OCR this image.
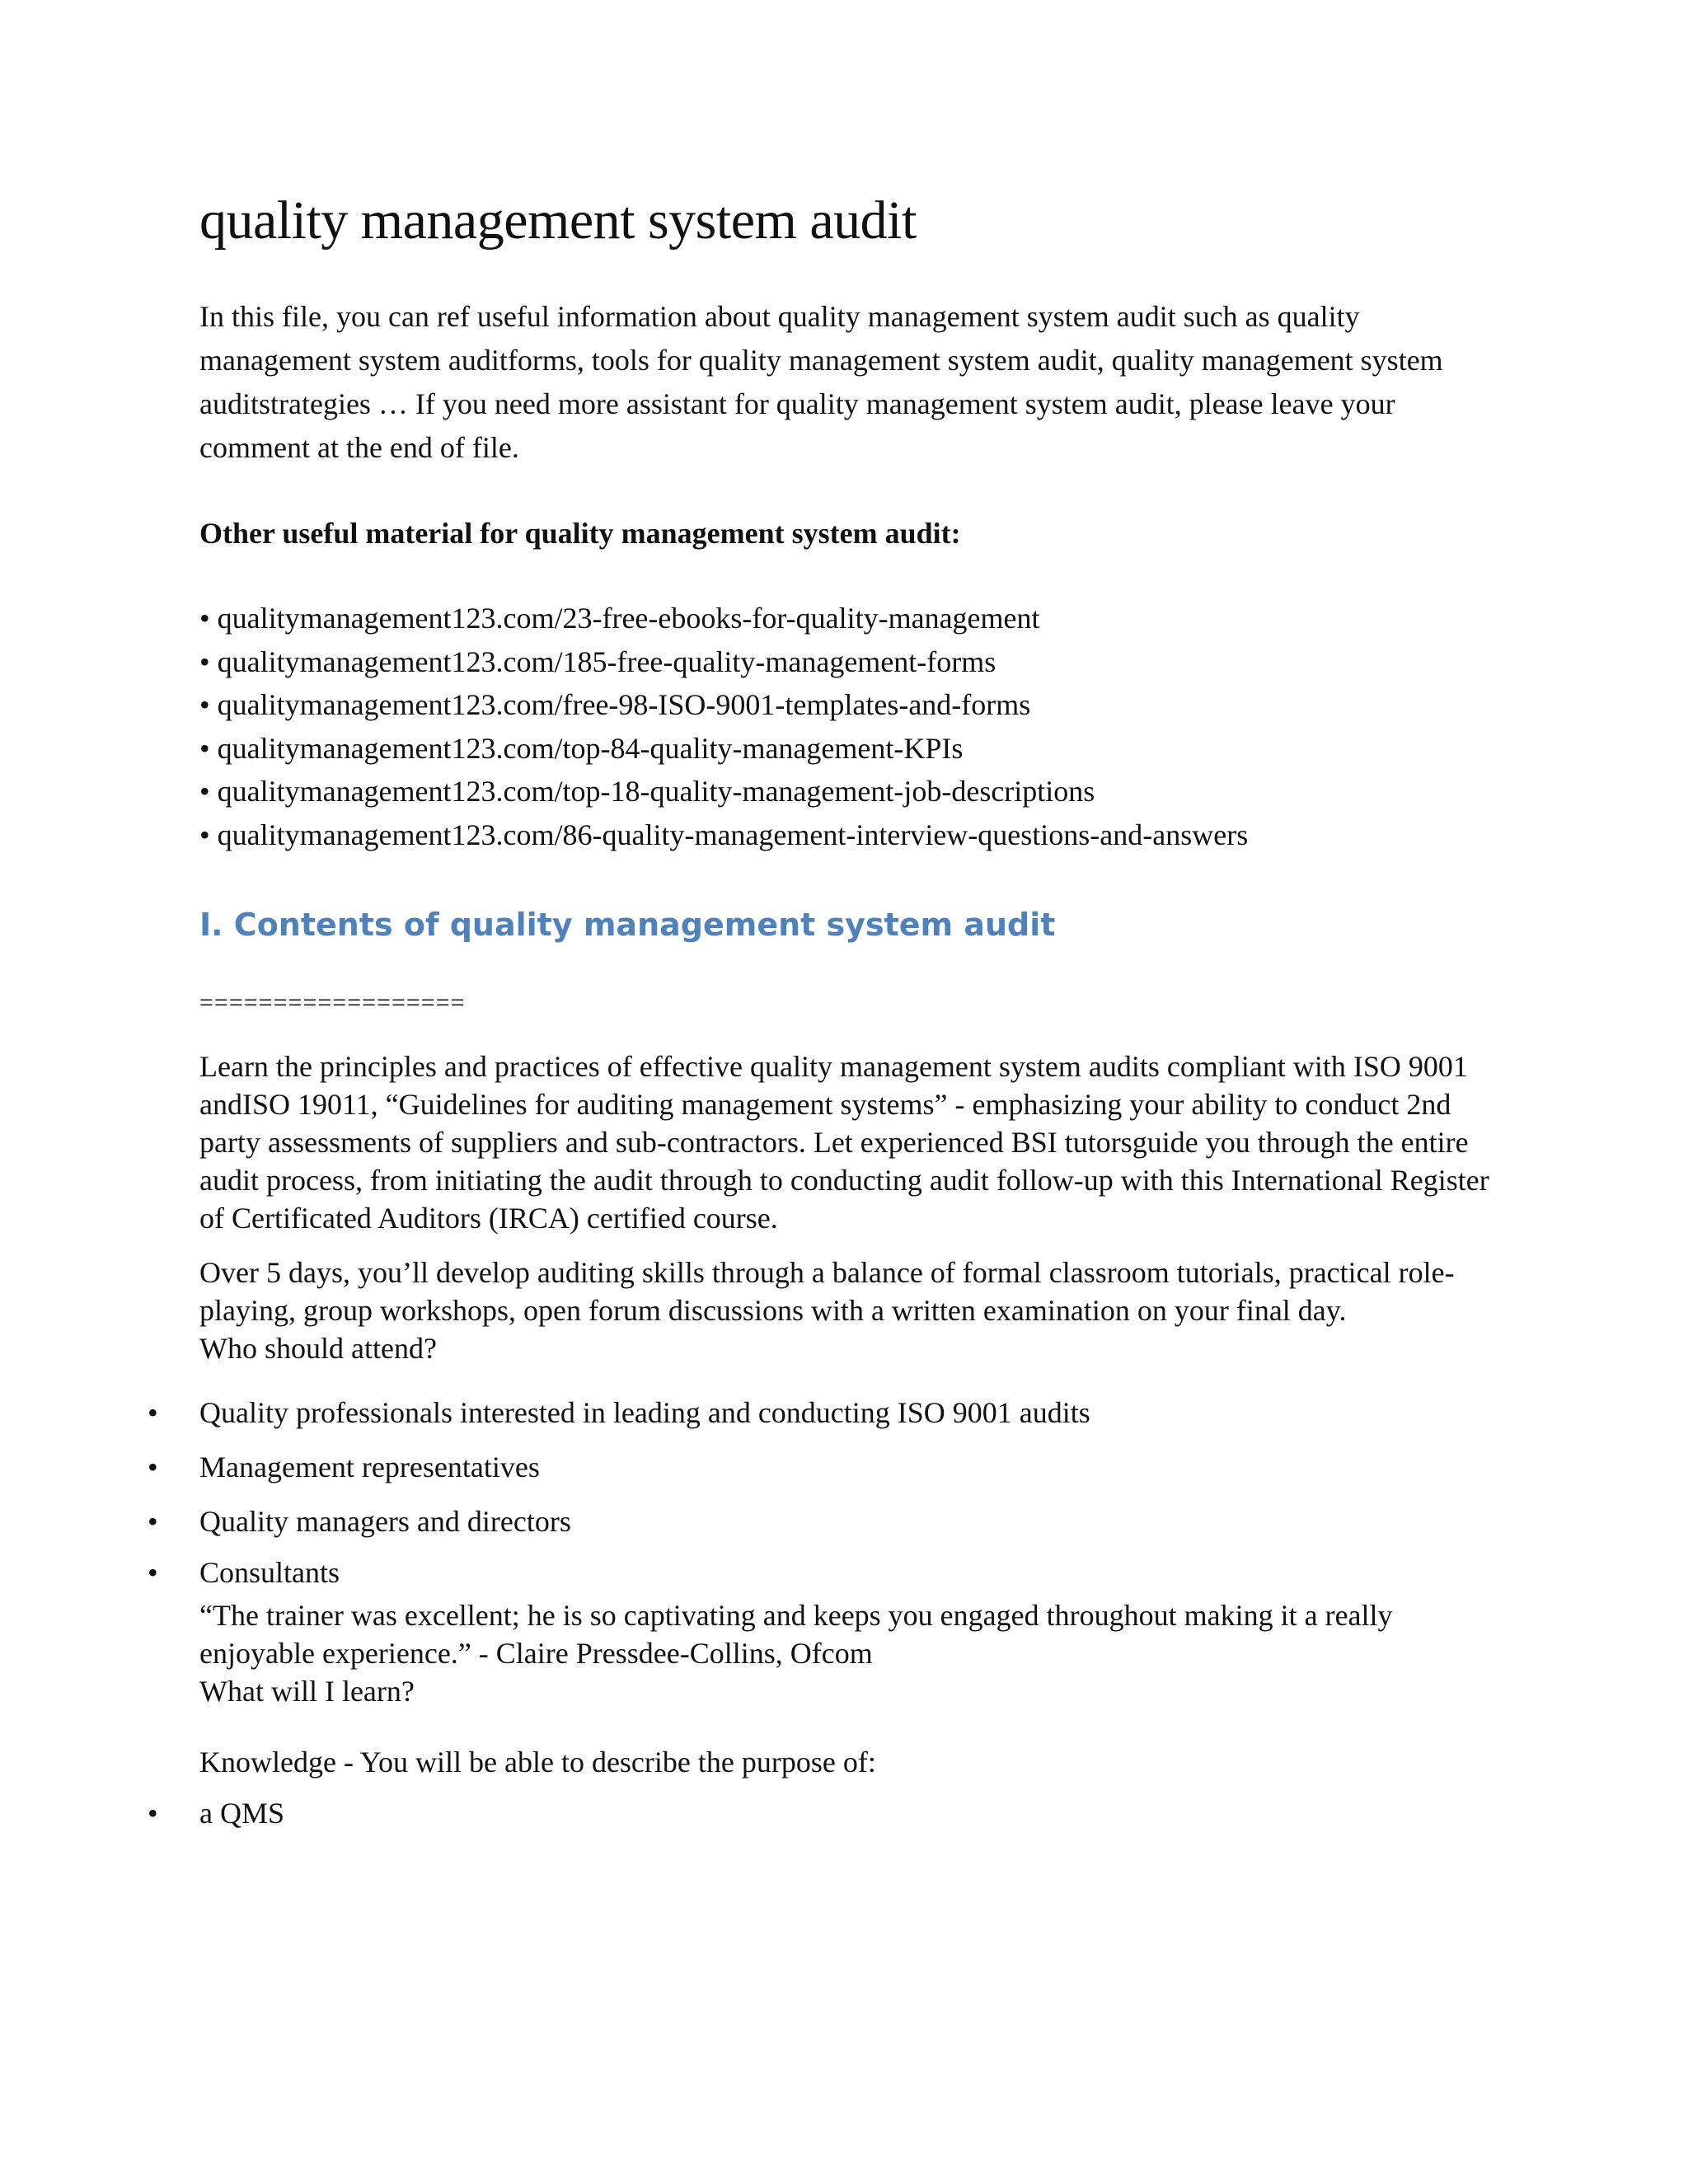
quality management system audit
In this file, you can ref useful information about quality management system audit such as quality management system auditforms, tools for quality management system audit, quality management system auditstrategies … If you need more assistant for quality management system audit, please leave your comment at the end of file.
Other useful material for quality management system audit:
• qualitymanagement123.com/23-free-ebooks-for-quality-management
• qualitymanagement123.com/185-free-quality-management-forms
• qualitymanagement123.com/free-98-ISO-9001-templates-and-forms
• qualitymanagement123.com/top-84-quality-management-KPIs
• qualitymanagement123.com/top-18-quality-management-job-descriptions
• qualitymanagement123.com/86-quality-management-interview-questions-and-answers
I. Contents of quality management system audit
==================
Learn the principles and practices of effective quality management system audits compliant with ISO 9001 andISO 19011, “Guidelines for auditing management systems” - emphasizing your ability to conduct 2nd party assessments of suppliers and sub-contractors. Let experienced BSI tutorsguide you through the entire audit process, from initiating the audit through to conducting audit follow-up with this International Register of Certificated Auditors (IRCA) certified course.
Over 5 days, you’ll develop auditing skills through a balance of formal classroom tutorials, practical role-playing, group workshops, open forum discussions with a written examination on your final day.
Who should attend?
• Quality professionals interested in leading and conducting ISO 9001 audits
• Management representatives
• Quality managers and directors
• Consultants
“The trainer was excellent; he is so captivating and keeps you engaged throughout making it a really enjoyable experience.” - Claire Pressdee-Collins, Ofcom
What will I learn?
Knowledge - You will be able to describe the purpose of:
• a QMS
